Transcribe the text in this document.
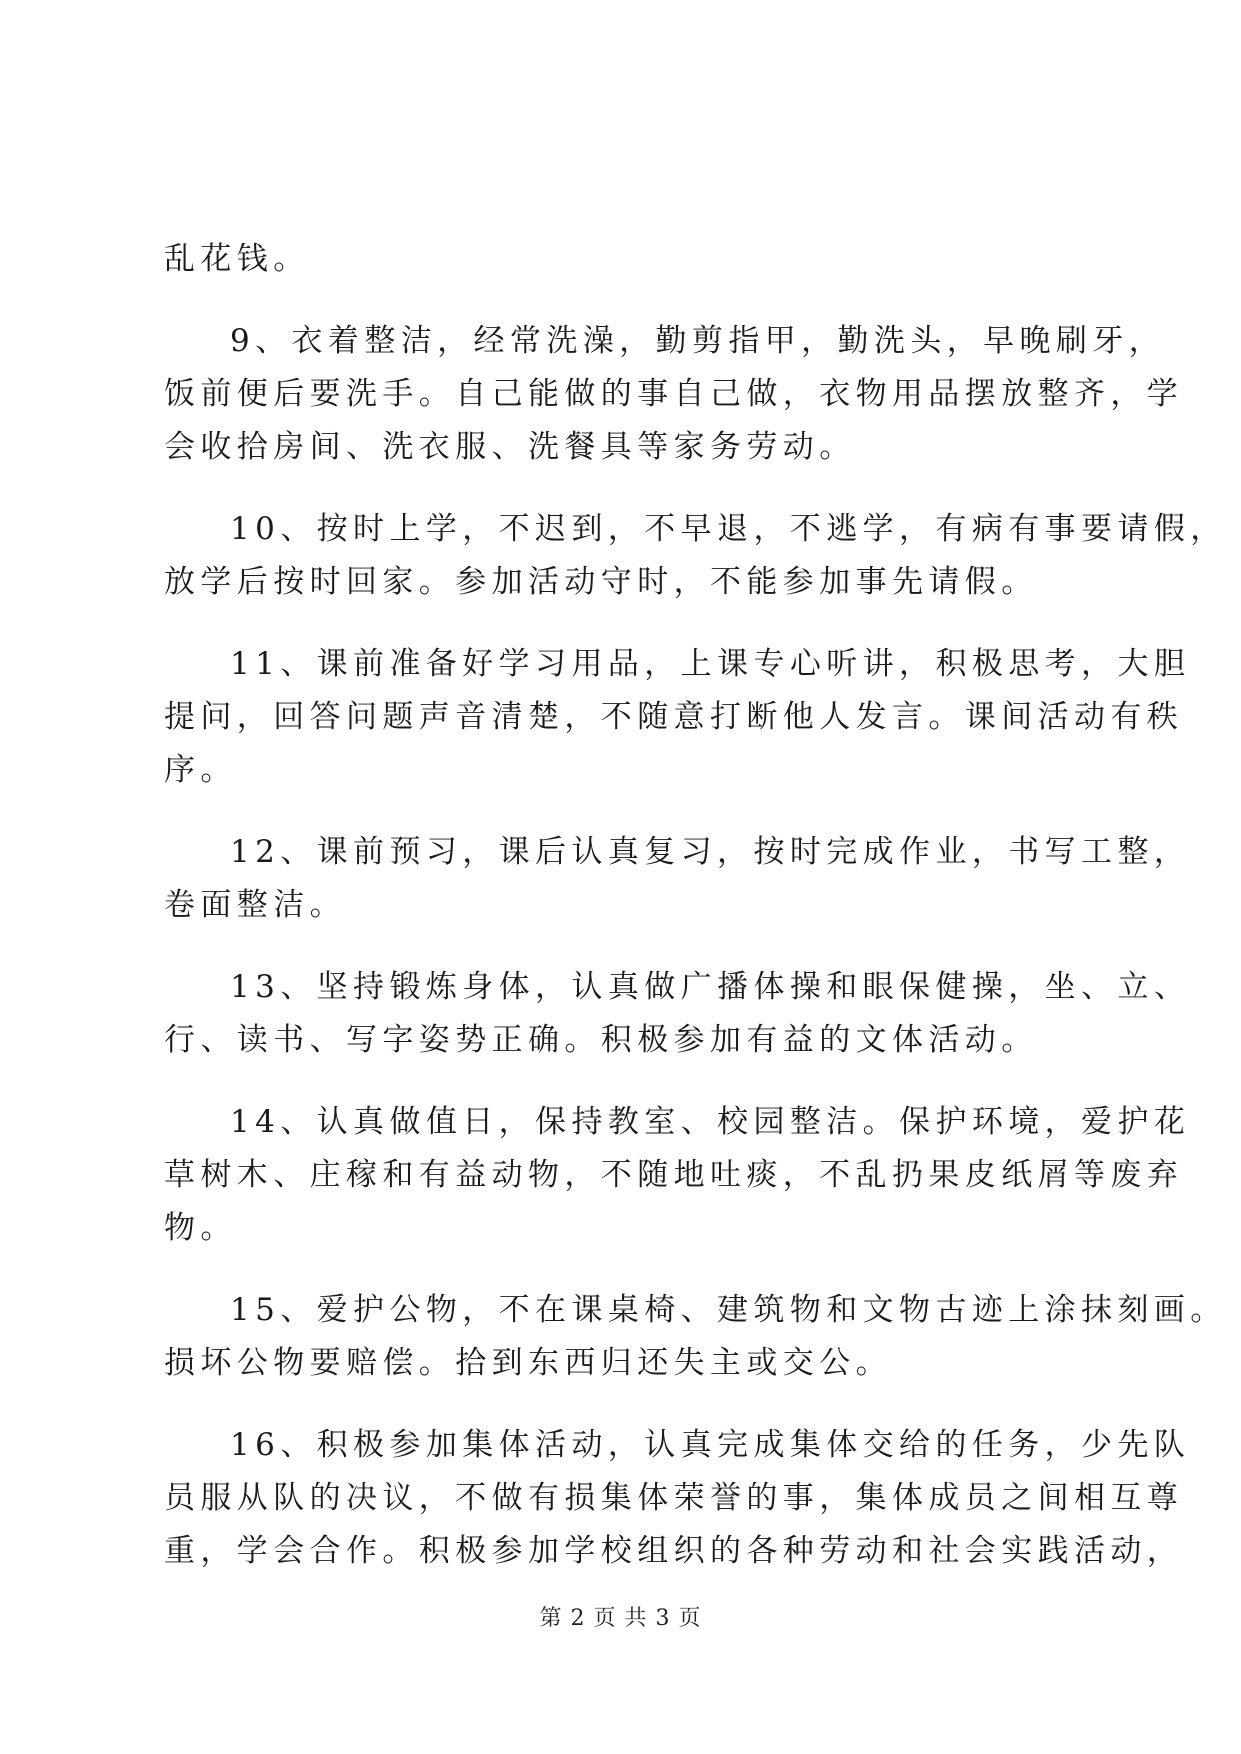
乱花钱。
9、衣着整洁，经常洗澡，勤剪指甲，勤洗头，早晚刷牙，
饭前便后要洗手。自己能做的事自己做，衣物用品摆放整齐，学
会收拾房间、洗衣服、洗餐具等家务劳动。
10、按时上学，不迟到，不早退，不逃学，有病有事要请假，
放学后按时回家。参加活动守时，不能参加事先请假。
11、课前准备好学习用品，上课专心听讲，积极思考，大胆
提问，回答问题声音清楚，不随意打断他人发言。课间活动有秩
序。
12、课前预习，课后认真复习，按时完成作业，书写工整，
卷面整洁。
13、坚持锻炼身体，认真做广播体操和眼保健操，坐、立、
行、读书、写字姿势正确。积极参加有益的文体活动。
14、认真做值日，保持教室、校园整洁。保护环境，爱护花
草树木、庄稼和有益动物，不随地吐痰，不乱扔果皮纸屑等废弃
物。
15、爱护公物，不在课桌椅、建筑物和文物古迹上涂抹刻画。
损坏公物要赔偿。拾到东西归还失主或交公。
16、积极参加集体活动，认真完成集体交给的任务，少先队
员服从队的决议，不做有损集体荣誉的事，集体成员之间相互尊
重，学会合作。积极参加学校组织的各种劳动和社会实践活动，
第 2 页 共 3 页
